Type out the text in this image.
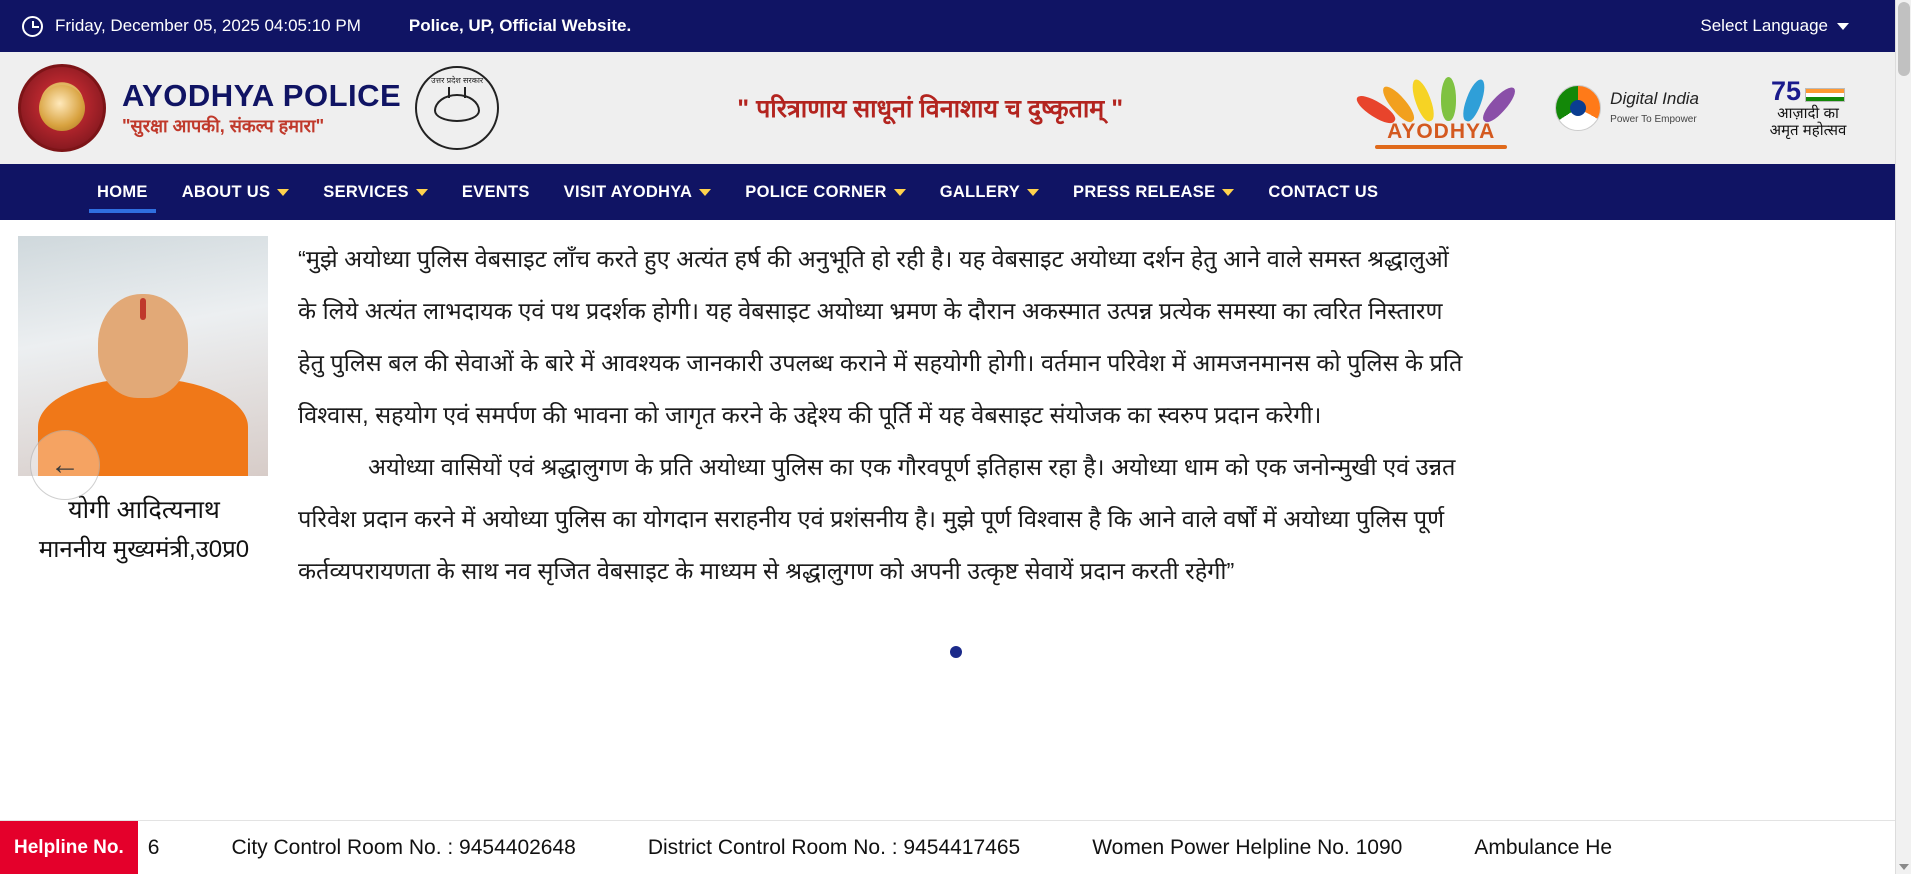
Friday, December 05, 2025 04:05:10 PM	Police, UP, Official Website.	Select Language
AYODHYA POLICE
"सुरक्षा आपकी, संकल्प हमारा"
उत्तर प्रदेश सरकार
" परित्राणाय साधूनां विनाशाय च दुष्कृताम् "
AYODHYA
Digital India
Power To Empower
75
आज़ादी का
अमृत महोत्सव
HOME ABOUT US	SERVICES	EVENTS VISIT AYODHYA	POLICE CORNER	GALLERY	PRESS RELEASE	CONTACT US
योगी आदित्यनाथ
माननीय मुख्यमंत्री,उ0प्र0

“मुझे अयोध्या पुलिस वेबसाइट लाँच करते हुए अत्यंत हर्ष की अनुभूति हो रही है। यह वेबसाइट अयोध्या दर्शन हेतु आने वाले समस्त श्रद्धालुओं

के लिये अत्यंत लाभदायक एवं पथ प्रदर्शक होगी। यह वेबसाइट अयोध्या भ्रमण के दौरान अकस्मात उत्पन्न प्रत्येक समस्या का त्वरित निस्तारण

हेतु पुलिस बल की सेवाओं के बारे में आवश्यक जानकारी उपलब्ध कराने में सहयोगी होगी। वर्तमान परिवेश में आमजनमानस को पुलिस के प्रति

विश्वास, सहयोग एवं समर्पण की भावना को जागृत करने के उद्देश्य की पूर्ति में यह वेबसाइट संयोजक का स्वरुप प्रदान करेगी।

अयोध्या वासियों एवं श्रद्धालुगण के प्रति अयोध्या पुलिस का एक गौरवपूर्ण इतिहास रहा है। अयोध्या धाम को एक जनोन्मुखी एवं उन्नत

परिवेश प्रदान करने में अयोध्या पुलिस का योगदान सराहनीय एवं प्रशंसनीय है। मुझे पूर्ण विश्वास है कि आने वाले वर्षों में अयोध्या पुलिस पूर्ण

कर्तव्यपरायणता के साथ नव सृजित वेबसाइट के माध्यम से श्रद्धालुगण को अपनी उत्कृष्ट सेवायें प्रदान करती रहेगी”

←
Helpline No.	6	City Control Room No. : 9454402648	District Control Room No. : 9454417465	Women Power Helpline No. 1090	Ambulance He
